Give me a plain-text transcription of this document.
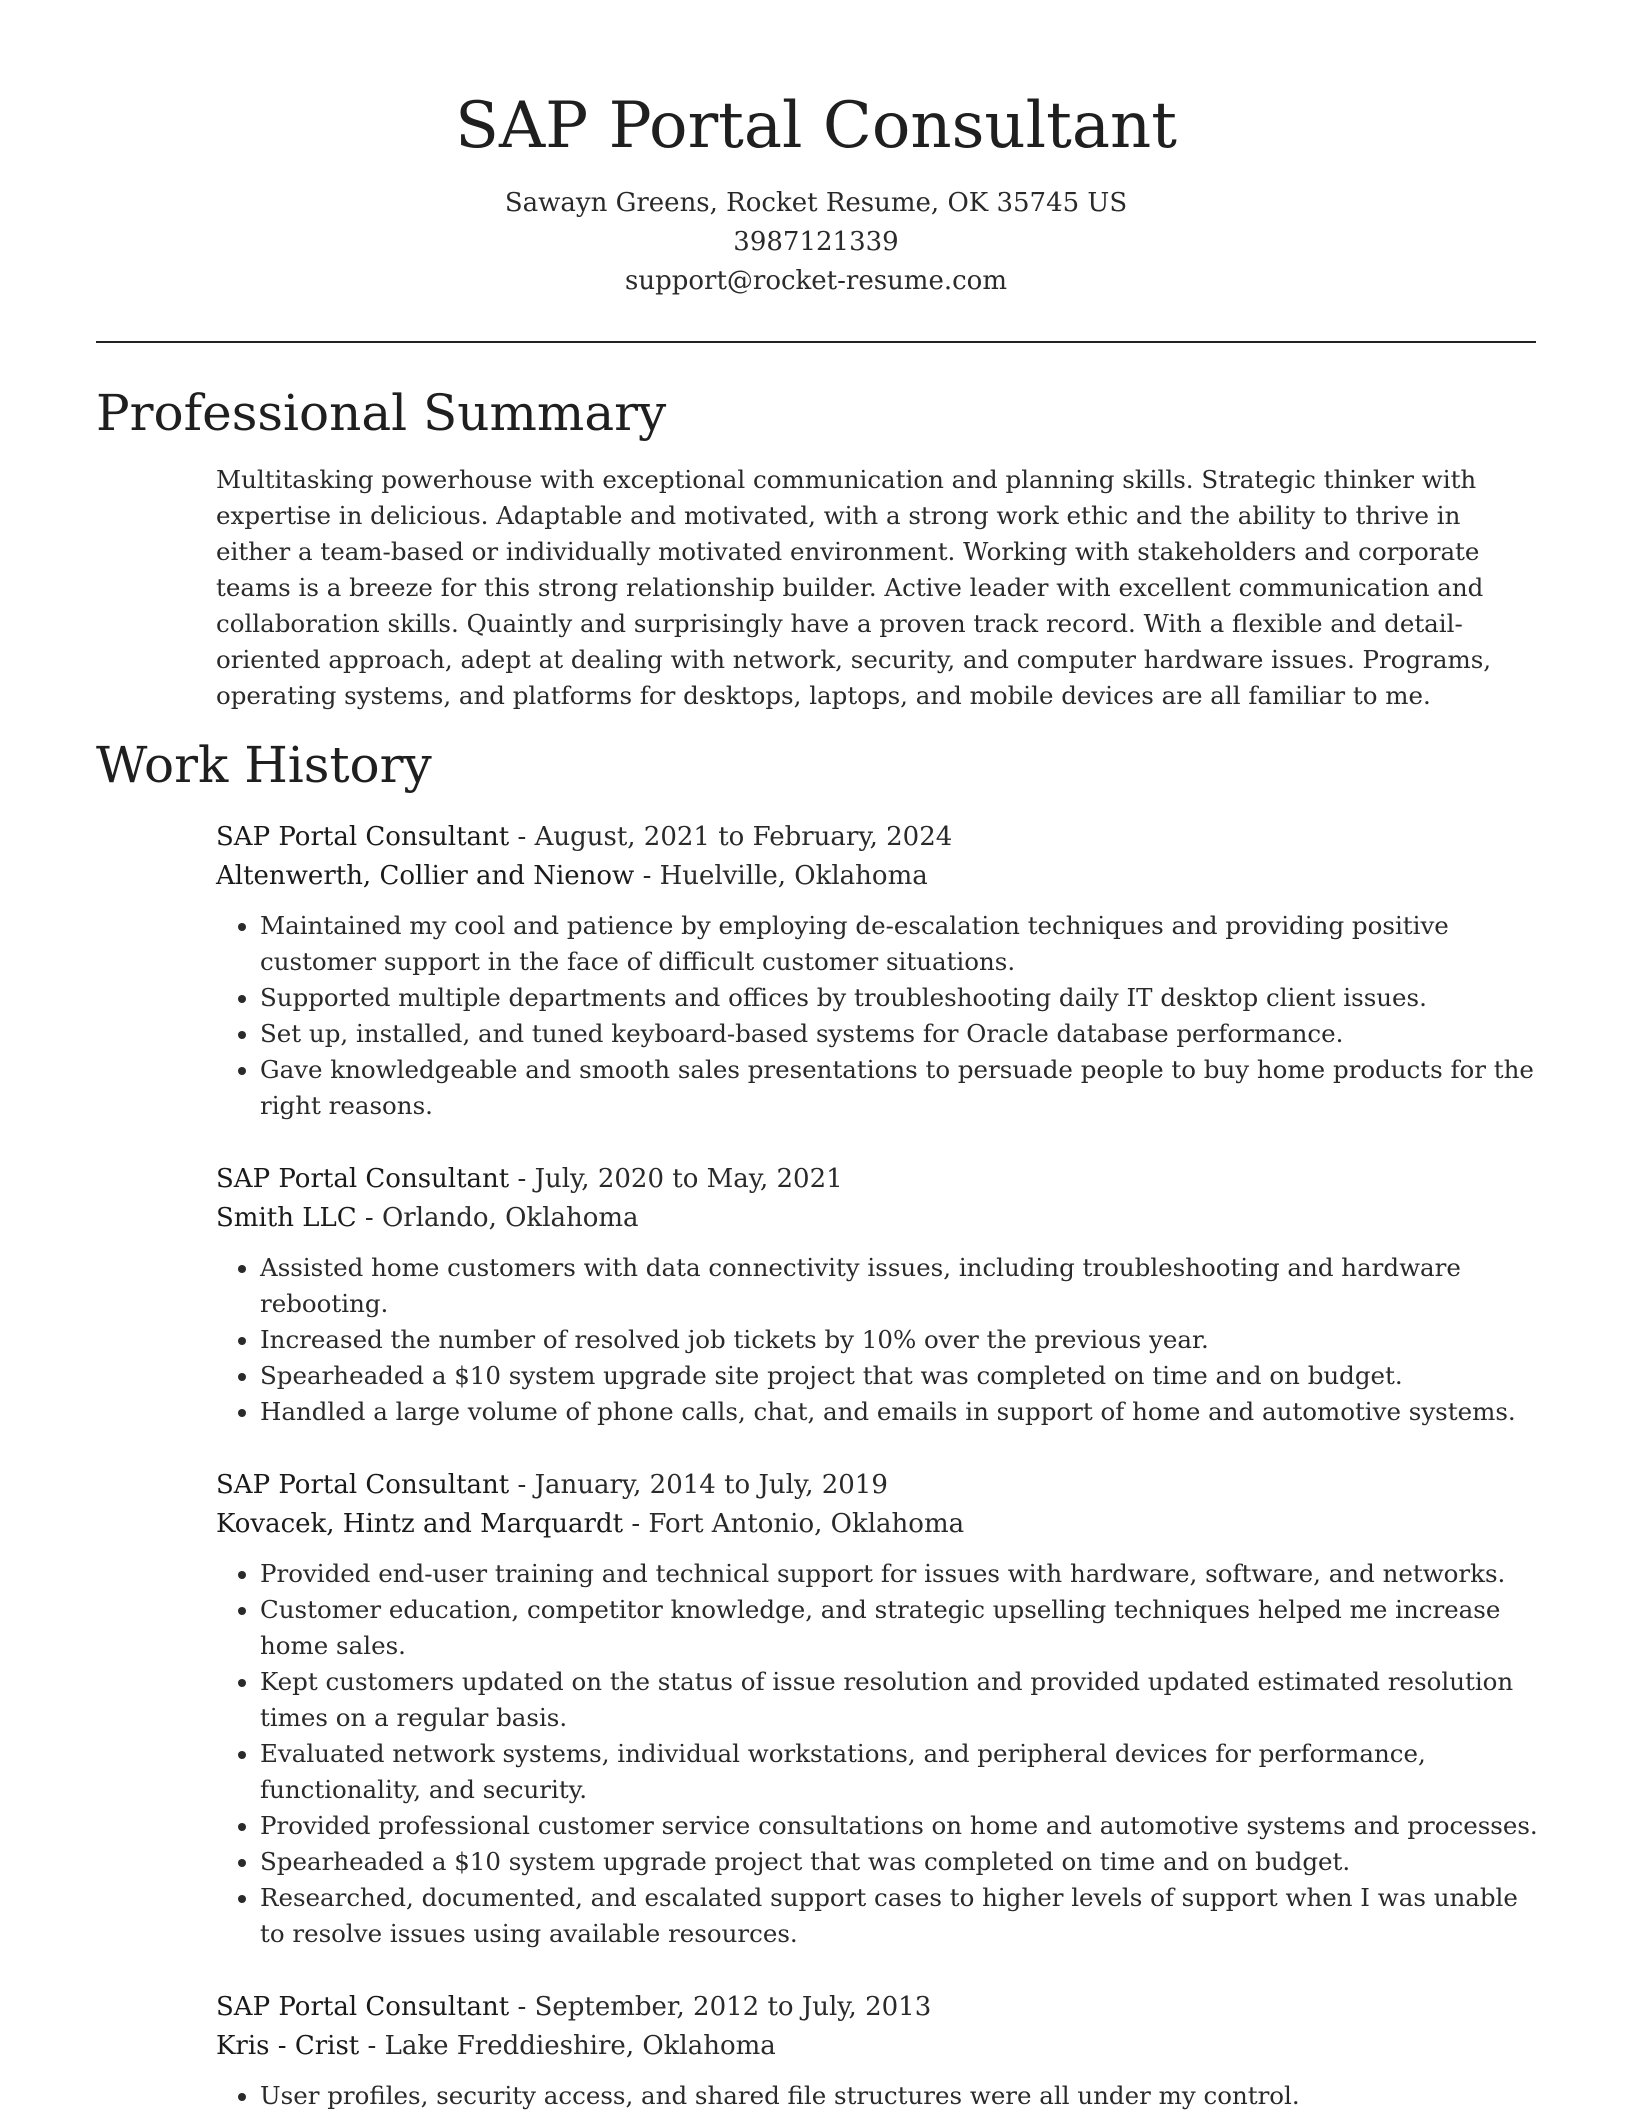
SAP Portal Consultant
Sawayn Greens, Rocket Resume, OK 35745 US
3987121339
support@rocket-resume.com
Professional Summary

Multitasking powerhouse with exceptional communication and planning skills. Strategic thinker with expertise in delicious. Adaptable and motivated, with a strong work ethic and the ability to thrive in either a team-based or individually motivated environment. Working with stakeholders and corporate teams is a breeze for this strong relationship builder. Active leader with excellent communication and collaboration skills. Quaintly and surprisingly have a proven track record. With a flexible and detail-oriented approach, adept at dealing with network, security, and computer hardware issues. Programs, operating systems, and platforms for desktops, laptops, and mobile devices are all familiar to me.

Work History
SAP Portal Consultant - August, 2021 to February, 2024
Altenwerth, Collier and Nienow - Huelville, Oklahoma
• Maintained my cool and patience by employing de-escalation techniques and providing positive customer support in the face of difficult customer situations.
• Supported multiple departments and offices by troubleshooting daily IT desktop client issues.
• Set up, installed, and tuned keyboard-based systems for Oracle database performance.
• Gave knowledgeable and smooth sales presentations to persuade people to buy home products for the right reasons.
SAP Portal Consultant - July, 2020 to May, 2021
Smith LLC - Orlando, Oklahoma
• Assisted home customers with data connectivity issues, including troubleshooting and hardware rebooting.
• Increased the number of resolved job tickets by 10% over the previous year.
• Spearheaded a $10 system upgrade site project that was completed on time and on budget.
• Handled a large volume of phone calls, chat, and emails in support of home and automotive systems.
SAP Portal Consultant - January, 2014 to July, 2019
Kovacek, Hintz and Marquardt - Fort Antonio, Oklahoma
• Provided end-user training and technical support for issues with hardware, software, and networks.
• Customer education, competitor knowledge, and strategic upselling techniques helped me increase home sales.
• Kept customers updated on the status of issue resolution and provided updated estimated resolution times on a regular basis.
• Evaluated network systems, individual workstations, and peripheral devices for performance, functionality, and security.
• Provided professional customer service consultations on home and automotive systems and processes.
• Spearheaded a $10 system upgrade project that was completed on time and on budget.
• Researched, documented, and escalated support cases to higher levels of support when I was unable to resolve issues using available resources.
SAP Portal Consultant - September, 2012 to July, 2013
Kris - Crist - Lake Freddieshire, Oklahoma
• User profiles, security access, and shared file structures were all under my control.
